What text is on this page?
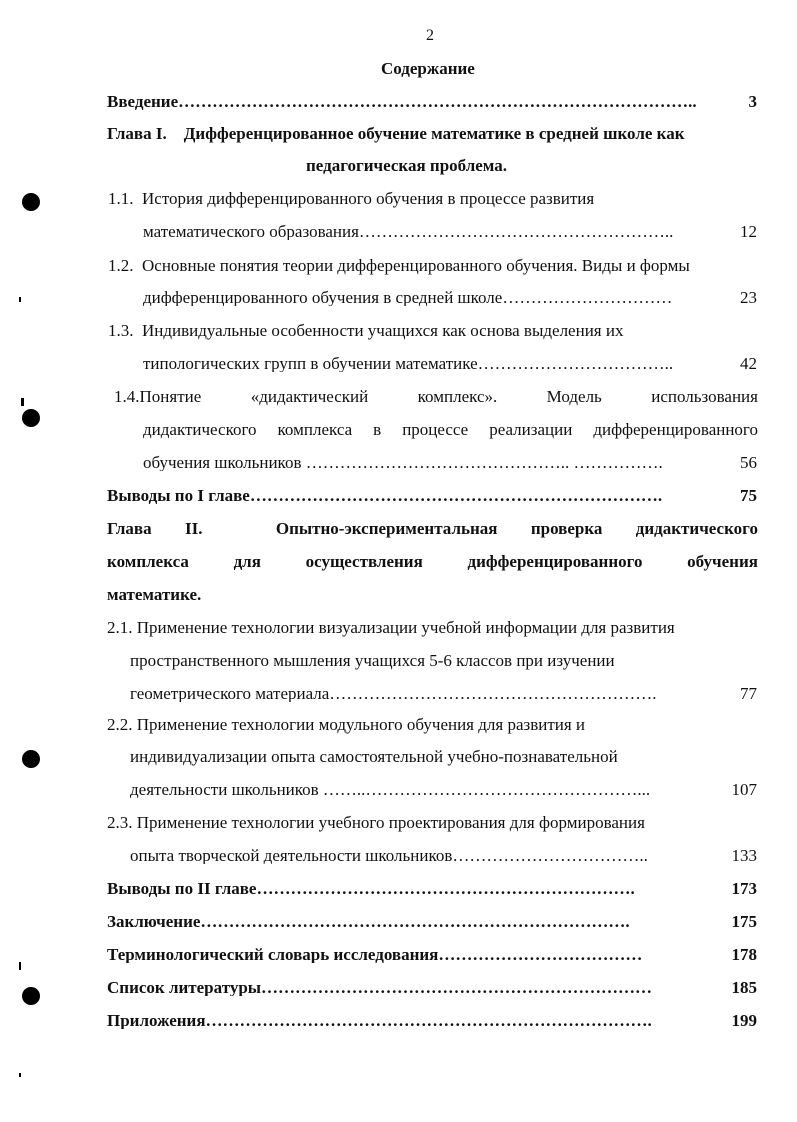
2
Содержание
Введение………………………………………………………………………………..	3
Глава I.    Дифференцированное обучение математике в средней школе как
педагогическая проблема.
1.1.  История дифференцированного обучения в процессе развития
математического образования………………………………………………..	12
1.2.  Основные понятия теории дифференцированного обучения. Виды и формы
дифференцированного обучения в средней школе…………………………	23
1.3.  Индивидуальные особенности учащихся как основа выделения их
типологических групп в обучении математике……………………………..	42
1.4.Понятие	«дидактический	комплекс».	Модель	использования
дидактического комплекса в процессе реализации дифференцированного
обучения школьников ……………………………………….. …………….	56
Выводы по I главе……………………………………………………………….	75
Глава II.	Опытно-экспериментальная проверка дидактического
комплекса	для	осуществления	дифференцированного	обучения
математике.
2.1. Применение технологии визуализации учебной информации для развития
пространственного мышления учащихся 5-6 классов при изучении
геометрического материала………………………………………………….	77
2.2. Применение технологии модульного обучения для развития и
индивидуализации опыта самостоятельной учебно-познавательной
деятельности школьников ……..…………………………………………...	107
2.3. Применение технологии учебного проектирования для формирования
опыта творческой деятельности школьников……………………………..	133
Выводы по II главе………………………………………………………….	173
Заключение………………………………………………………………….	175
Терминологический словарь исследования………………………………	178
Список литературы……………………………………………………………	185
Приложения…………………………………………………………………….	199
